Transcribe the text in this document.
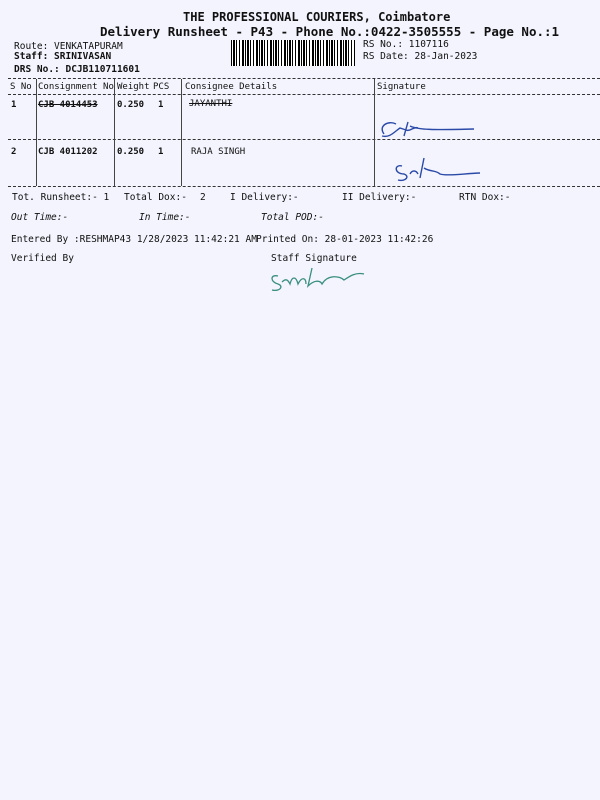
THE PROFESSIONAL COURIERS, Coimbatore
Delivery Runsheet - P43 - Phone No.:0422-3505555 - Page No.:1
Route: VENKATAPURAM
Staff: SRINIVASAN
DRS No.: DCJB110711601
RS No.: 1107116
RS Date: 28-Jan-2023
S No Consignment No Weight PCS Consignee Details	Signature
1 CJB 4014453 0.250 1	JAYANTHI
2 CJB 4011202 0.250 1	RAJA SINGH
Tot. Runsheet:- 1 Total Dox:- 2	I Delivery:-	II Delivery:-	RTN Dox:-
Out Time:-	In Time:-	Total POD:-
Entered By :RESHMAP43 1/28/2023 11:42:21 AM Printed On: 28-01-2023 11:42:26
Verified By	Staff Signature
